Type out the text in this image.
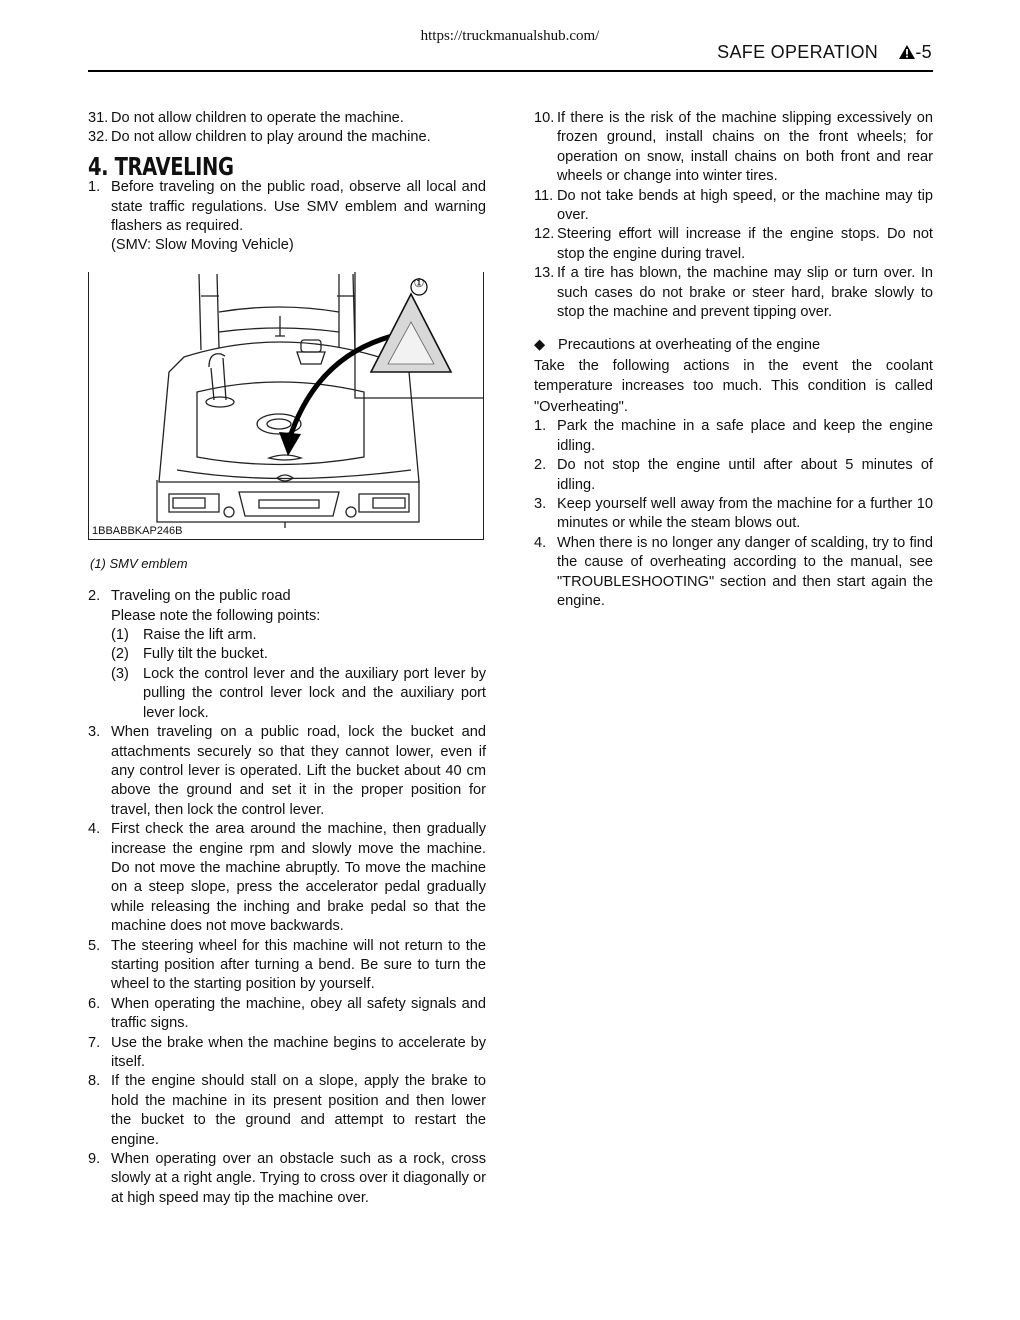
https://truckmanualshub.com/
SAFE OPERATION -5
31. Do not allow children to operate the machine.
32. Do not allow children to play around the machine.
4. TRAVELING
1. Before traveling on the public road, observe all local and state traffic regulations. Use SMV emblem and warning flashers as required.
(SMV: Slow Moving Vehicle)
①
1BBABBKAP246B
(1) SMV emblem
2. Traveling on the public road
Please note the following points:
(1) Raise the lift arm.
(2) Fully tilt the bucket.
(3) Lock the control lever and the auxiliary port lever by pulling the control lever lock and the auxiliary port lever lock.
3. When traveling on a public road, lock the bucket and attachments securely so that they cannot lower, even if any control lever is operated. Lift the bucket about 40 cm above the ground and set it in the proper position for travel, then lock the control lever.
4. First check the area around the machine, then gradually increase the engine rpm and slowly move the machine. Do not move the machine abruptly. To move the machine on a steep slope, press the accelerator pedal gradually while releasing the inching and brake pedal so that the machine does not move backwards.
5. The steering wheel for this machine will not return to the starting position after turning a bend. Be sure to turn the wheel to the starting position by yourself.
6. When operating the machine, obey all safety signals and traffic signs.
7. Use the brake when the machine begins to accelerate by itself.
8. If the engine should stall on a slope, apply the brake to hold the machine in its present position and then lower the bucket to the ground and attempt to restart the engine.
9. When operating over an obstacle such as a rock, cross slowly at a right angle. Trying to cross over it diagonally or at high speed may tip the machine over.
10. If there is the risk of the machine slipping excessively on frozen ground, install chains on the front wheels; for operation on snow, install chains on both front and rear wheels or change into winter tires.
11. Do not take bends at high speed, or the machine may tip over.
12. Steering effort will increase if the engine stops. Do not stop the engine during travel.
13. If a tire has blown, the machine may slip or turn over. In such cases do not brake or steer hard, brake slowly to stop the machine and prevent tipping over.
◆ Precautions at overheating of the engine
Take the following actions in the event the coolant temperature increases too much. This condition is called "Overheating".
1. Park the machine in a safe place and keep the engine idling.
2. Do not stop the engine until after about 5 minutes of idling.
3. Keep yourself well away from the machine for a further 10 minutes or while the steam blows out.
4. When there is no longer any danger of scalding, try to find the cause of overheating according to the manual, see "TROUBLESHOOTING" section and then start again the engine.
